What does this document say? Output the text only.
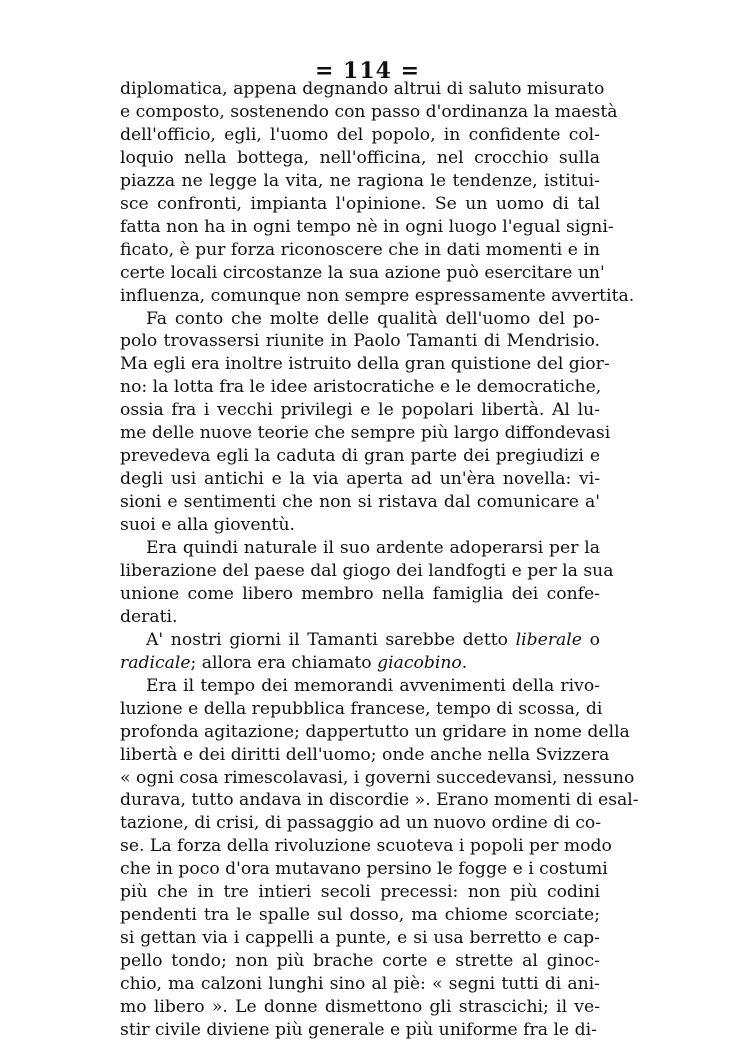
= 114 =
diplomatica, appena degnando altrui di saluto misurato
e composto, sostenendo con passo d'ordinanza la maestà
dell'officio, egli, l'uomo del popolo, in confidente col-
loquio nella bottega, nell'officina, nel crocchio sulla
piazza ne legge la vita, ne ragiona le tendenze, istitui-
sce confronti, impianta l'opinione. Se un uomo di tal
fatta non ha in ogni tempo nè in ogni luogo l'egual signi-
ficato, è pur forza riconoscere che in dati momenti e in
certe locali circostanze la sua azione può esercitare un'
influenza, comunque non sempre espressamente avvertita.
Fa conto che molte delle qualità dell'uomo del po-
polo trovassersi riunite in Paolo Tamanti di Mendrisio.
Ma egli era inoltre istruito della gran quistione del gior-
no: la lotta fra le idee aristocratiche e le democratiche,
ossia fra i vecchi privilegi e le popolari libertà. Al lu-
me delle nuove teorie che sempre più largo diffondevasi
prevedeva egli la caduta di gran parte dei pregiudizi e
degli usi antichi e la via aperta ad un'èra novella: vi-
sioni e sentimenti che non si ristava dal comunicare a'
suoi e alla gioventù.
Era quindi naturale il suo ardente adoperarsi per la
liberazione del paese dal giogo dei landfogti e per la sua
unione come libero membro nella famiglia dei confe-
derati.
A' nostri giorni il Tamanti sarebbe detto liberale o
radicale; allora era chiamato giacobino.
Era il tempo dei memorandi avvenimenti della rivo-
luzione e della repubblica francese, tempo di scossa, di
profonda agitazione; dappertutto un gridare in nome della
libertà e dei diritti dell'uomo; onde anche nella Svizzera
« ogni cosa rimescolavasi, i governi succedevansi, nessuno
durava, tutto andava in discordie ». Erano momenti di esal-
tazione, di crisi, di passaggio ad un nuovo ordine di co-
se. La forza della rivoluzione scuoteva i popoli per modo
che in poco d'ora mutavano persino le fogge e i costumi
più che in tre intieri secoli precessi: non più codini
pendenti tra le spalle sul dosso, ma chiome scorciate;
si gettan via i cappelli a punte, e si usa berretto e cap-
pello tondo; non più brache corte e strette al ginoc-
chio, ma calzoni lunghi sino al piè: « segni tutti di ani-
mo libero ». Le donne dismettono gli strascichi; il ve-
stir civile diviene più generale e più uniforme fra le di-
